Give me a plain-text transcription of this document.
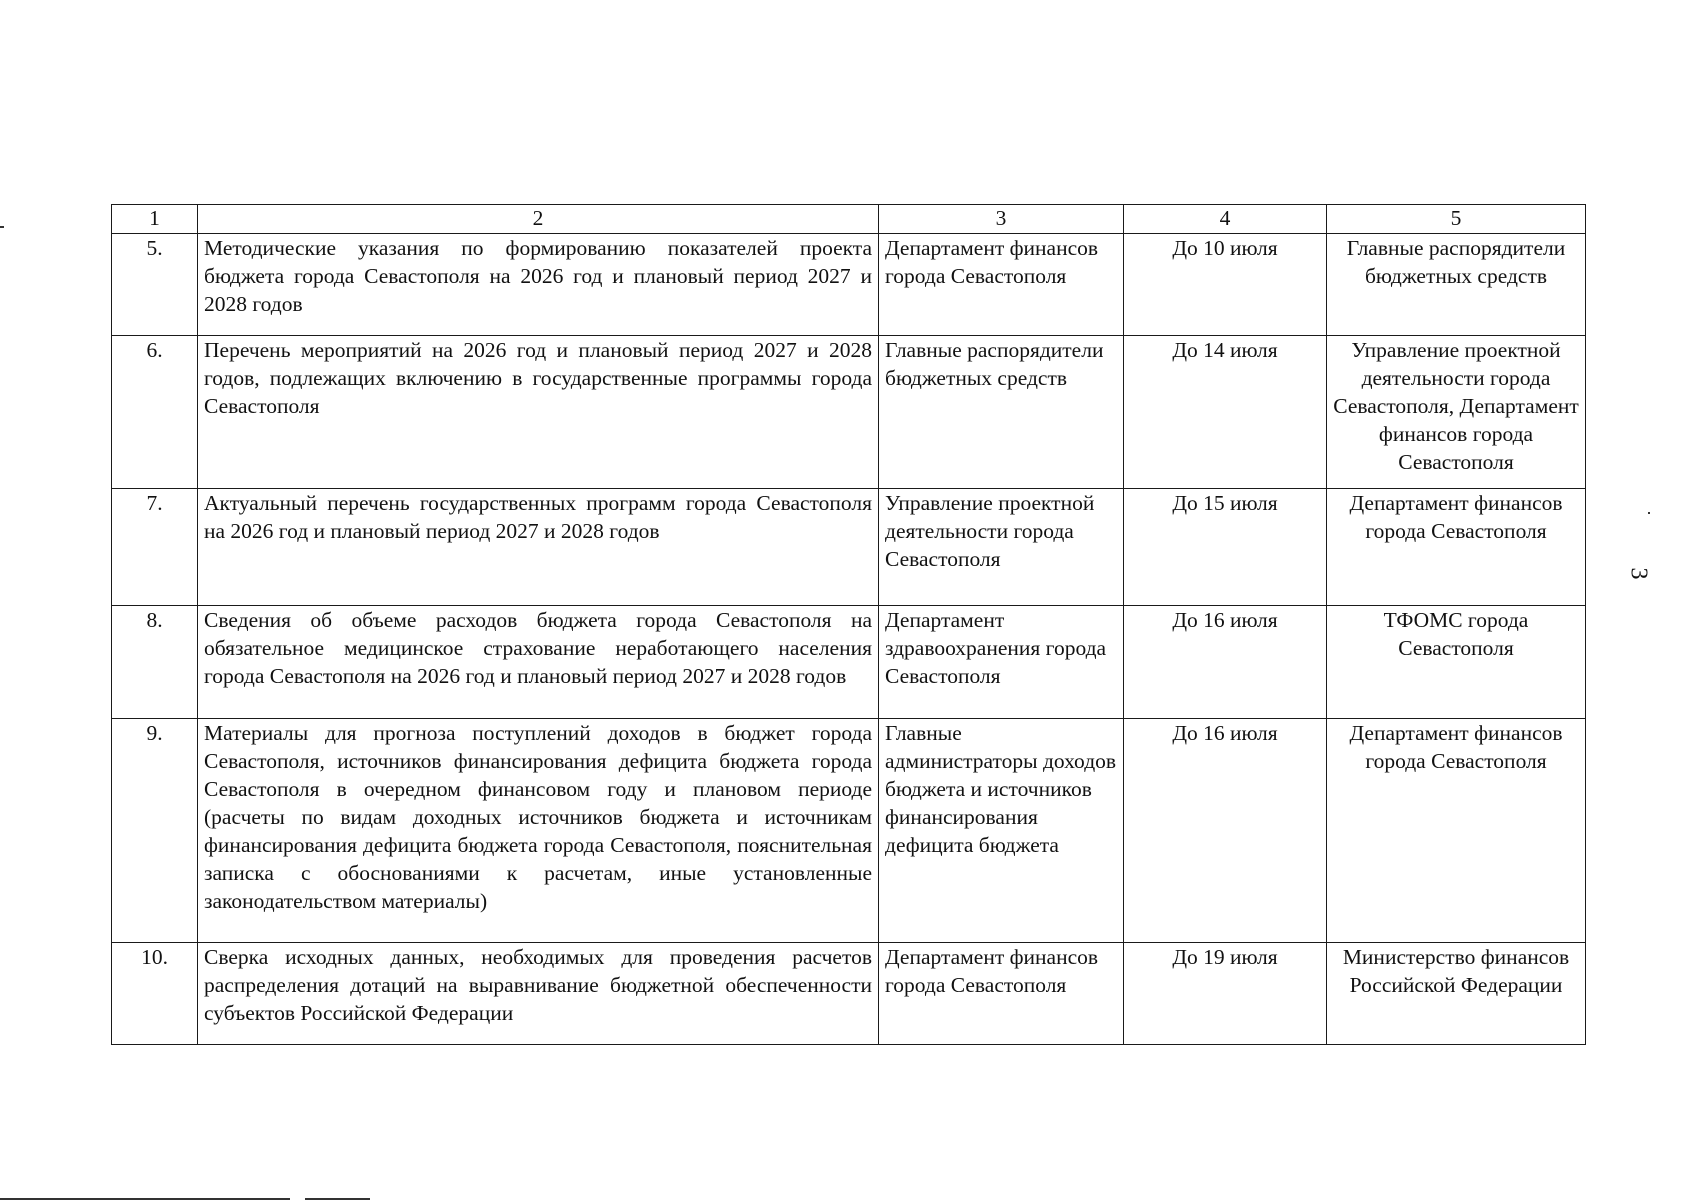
1	2	3	4	5
5.	Методические указания по формированию показателей проекта бюджета города Севастополя на 2026 год и плановый период 2027 и 2028 годов	Департамент финансов города Севастополя	До 10 июля	Главные распорядители бюджетных средств
6.	Перечень мероприятий на 2026 год и плановый период 2027 и 2028 годов, подлежащих включению в государственные программы города Севастополя	Главные распорядители бюджетных средств	До 14 июля	Управление проектной деятельности города Севастополя, Департамент финансов города Севастополя
7.	Актуальный перечень государственных программ города Севастополя на 2026 год и плановый период 2027 и 2028 годов	Управление проектной деятельности города Севастополя	До 15 июля	Департамент финансов города Севастополя
8.	Сведения об объеме расходов бюджета города Севастополя на обязательное медицинское страхование неработающего населения города Севастополя на 2026 год и плановый период 2027 и 2028 годов	Департамент здравоохранения города Севастополя	До 16 июля	ТФОМС города Севастополя
9.	Материалы для прогноза поступлений доходов в бюджет города Севастополя, источников финансирования дефицита бюджета города Севастополя в очередном финансовом году и плановом периоде (расчеты по видам доходных источников бюджета и источникам финансирования дефицита бюджета города Севастополя, пояснительная записка с обоснованиями к расчетам, иные установленные законодательством материалы)	Главные администраторы доходов бюджета и источников финансирования дефицита бюджета	До 16 июля	Департамент финансов города Севастополя
10.	Сверка исходных данных, необходимых для проведения расчетов распределения дотаций на выравнивание бюджетной обеспеченности субъектов Российской Федерации	Департамент финансов города Севастополя	До 19 июля	Министерство финансов Российской Федерации
3
